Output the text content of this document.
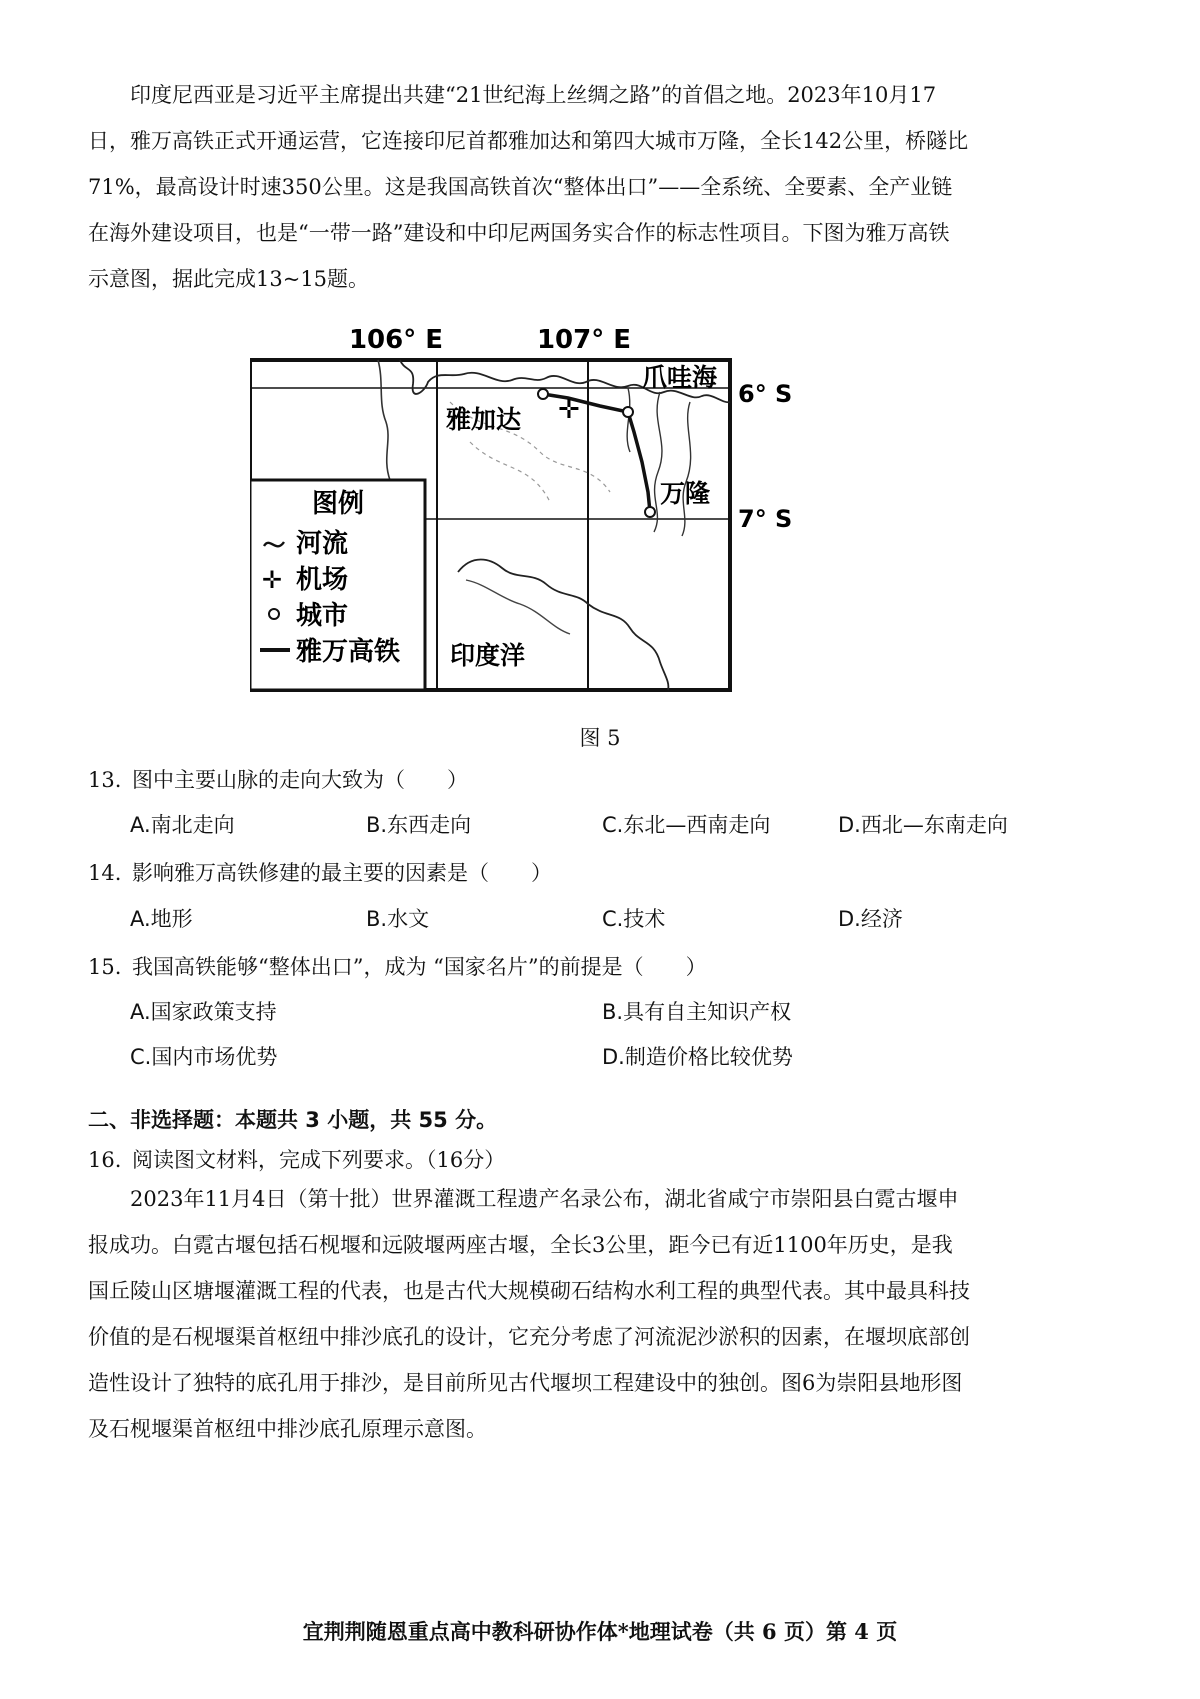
印度尼西亚是习近平主席提出共建“21世纪海上丝绸之路”的首倡之地。2023年10月17
日，雅万高铁正式开通运营，它连接印尼首都雅加达和第四大城市万隆，全长142公里，桥隧比
71%，最高设计时速350公里。这是我国高铁首次“整体出口”——全系统、全要素、全产业链
在海外建设项目，也是“一带一路”建设和中印尼两国务实合作的标志性项目。下图为雅万高铁
示意图，据此完成13~15题。
106° E	107° E
6° S
7° S
✛
爪哇海
雅加达
万隆
印度洋
图例
河流
✛ 机场
城市
雅万高铁
图 5
13. 图中主要山脉的走向大致为（　　）
A.南北走向	B.东西走向	C.东北—西南走向	D.西北—东南走向
14. 影响雅万高铁修建的最主要的因素是（　　）
A.地形	B.水文	C.技术	D.经济
15. 我国高铁能够“整体出口”，成为 “国家名片”的前提是（　　）
A.国家政策支持	B.具有自主知识产权
C.国内市场优势	D.制造价格比较优势
二、非选择题：本题共 3 小题，共 55 分。
16. 阅读图文材料，完成下列要求。（16分）
2023年11月4日（第十批）世界灌溉工程遗产名录公布，湖北省咸宁市崇阳县白霓古堰申
报成功。白霓古堰包括石枧堰和远陂堰两座古堰，全长3公里，距今已有近1100年历史，是我
国丘陵山区塘堰灌溉工程的代表，也是古代大规模砌石结构水利工程的典型代表。其中最具科技
价值的是石枧堰渠首枢纽中排沙底孔的设计，它充分考虑了河流泥沙淤积的因素，在堰坝底部创
造性设计了独特的底孔用于排沙，是目前所见古代堰坝工程建设中的独创。图6为崇阳县地形图
及石枧堰渠首枢纽中排沙底孔原理示意图。
宜荆荆随恩重点高中教科研协作体*地理试卷（共 6 页）第 4 页
